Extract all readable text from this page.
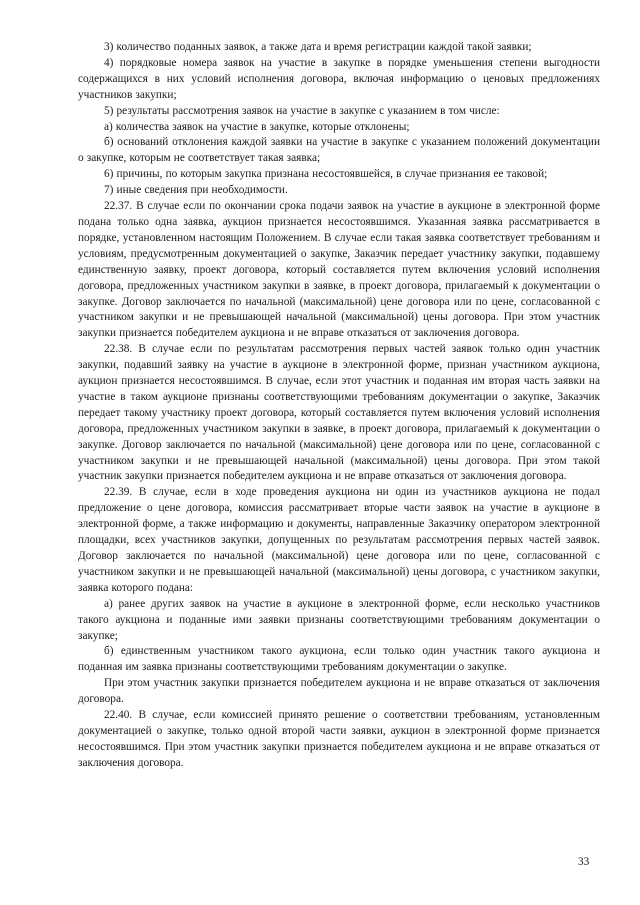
3) количество поданных заявок, а также дата и время регистрации каждой такой заявки;

4) порядковые номера заявок на участие в закупке в порядке уменьшения степени выгодности содержащихся в них условий исполнения договора, включая информацию о ценовых предложениях участников закупки;

5) результаты рассмотрения заявок на участие в закупке с указанием в том числе:

а) количества заявок на участие в закупке, которые отклонены;

б) оснований отклонения каждой заявки на участие в закупке с указанием положений документации о закупке, которым не соответствует такая заявка;

6) причины, по которым закупка признана несостоявшейся, в случае признания ее таковой;

7) иные сведения при необходимости.

22.37. В случае если по окончании срока подачи заявок на участие в аукционе в электронной форме подана только одна заявка, аукцион признается несостоявшимся. Указанная заявка рассматривается в порядке, установленном настоящим Положением. В случае если такая заявка соответствует требованиям и условиям, предусмотренным документацией о закупке, Заказчик передает участнику закупки, подавшему единственную заявку, проект договора, который составляется путем включения условий исполнения договора, предложенных участником закупки в заявке, в проект договора, прилагаемый к документации о закупке. Договор заключается по начальной (максимальной) цене договора или по цене, согласованной с участником закупки и не превышающей начальной (максимальной) цены договора. При этом участник закупки признается победителем аукциона и не вправе отказаться от заключения договора.

22.38. В случае если по результатам рассмотрения первых частей заявок только один участник закупки, подавший заявку на участие в аукционе в электронной форме, признан участником аукциона, аукцион признается несостоявшимся. В случае, если этот участник и поданная им вторая часть заявки на участие в таком аукционе признаны соответствующими требованиям документации о закупке, Заказчик передает такому участнику проект договора, который составляется путем включения условий исполнения договора, предложенных участником закупки в заявке, в проект договора, прилагаемый к документации о закупке. Договор заключается по начальной (максимальной) цене договора или по цене, согласованной с участником закупки и не превышающей начальной (максимальной) цены договора. При этом такой участник закупки признается победителем аукциона и не вправе отказаться от заключения договора.

22.39. В случае, если в ходе проведения аукциона ни один из участников аукциона не подал предложение о цене договора, комиссия рассматривает вторые части заявок на участие в аукционе в электронной форме, а также информацию и документы, направленные Заказчику оператором электронной площадки, всех участников закупки, допущенных по результатам рассмотрения первых частей заявок. Договор заключается по начальной (максимальной) цене договора или по цене, согласованной с участником закупки и не превышающей начальной (максимальной) цены договора, с участником закупки, заявка которого подана:

а) ранее других заявок на участие в аукционе в электронной форме, если несколько участников такого аукциона и поданные ими заявки признаны соответствующими требованиям документации о закупке;

б) единственным участником такого аукциона, если только один участник такого аукциона и поданная им заявка признаны соответствующими требованиям документации о закупке.

При этом участник закупки признается победителем аукциона и не вправе отказаться от заключения договора.

22.40. В случае, если комиссией принято решение о соответствии требованиям, установленным документацией о закупке, только одной второй части заявки, аукцион в электронной форме признается несостоявшимся. При этом участник закупки признается победителем аукциона и не вправе отказаться от заключения договора.

33
